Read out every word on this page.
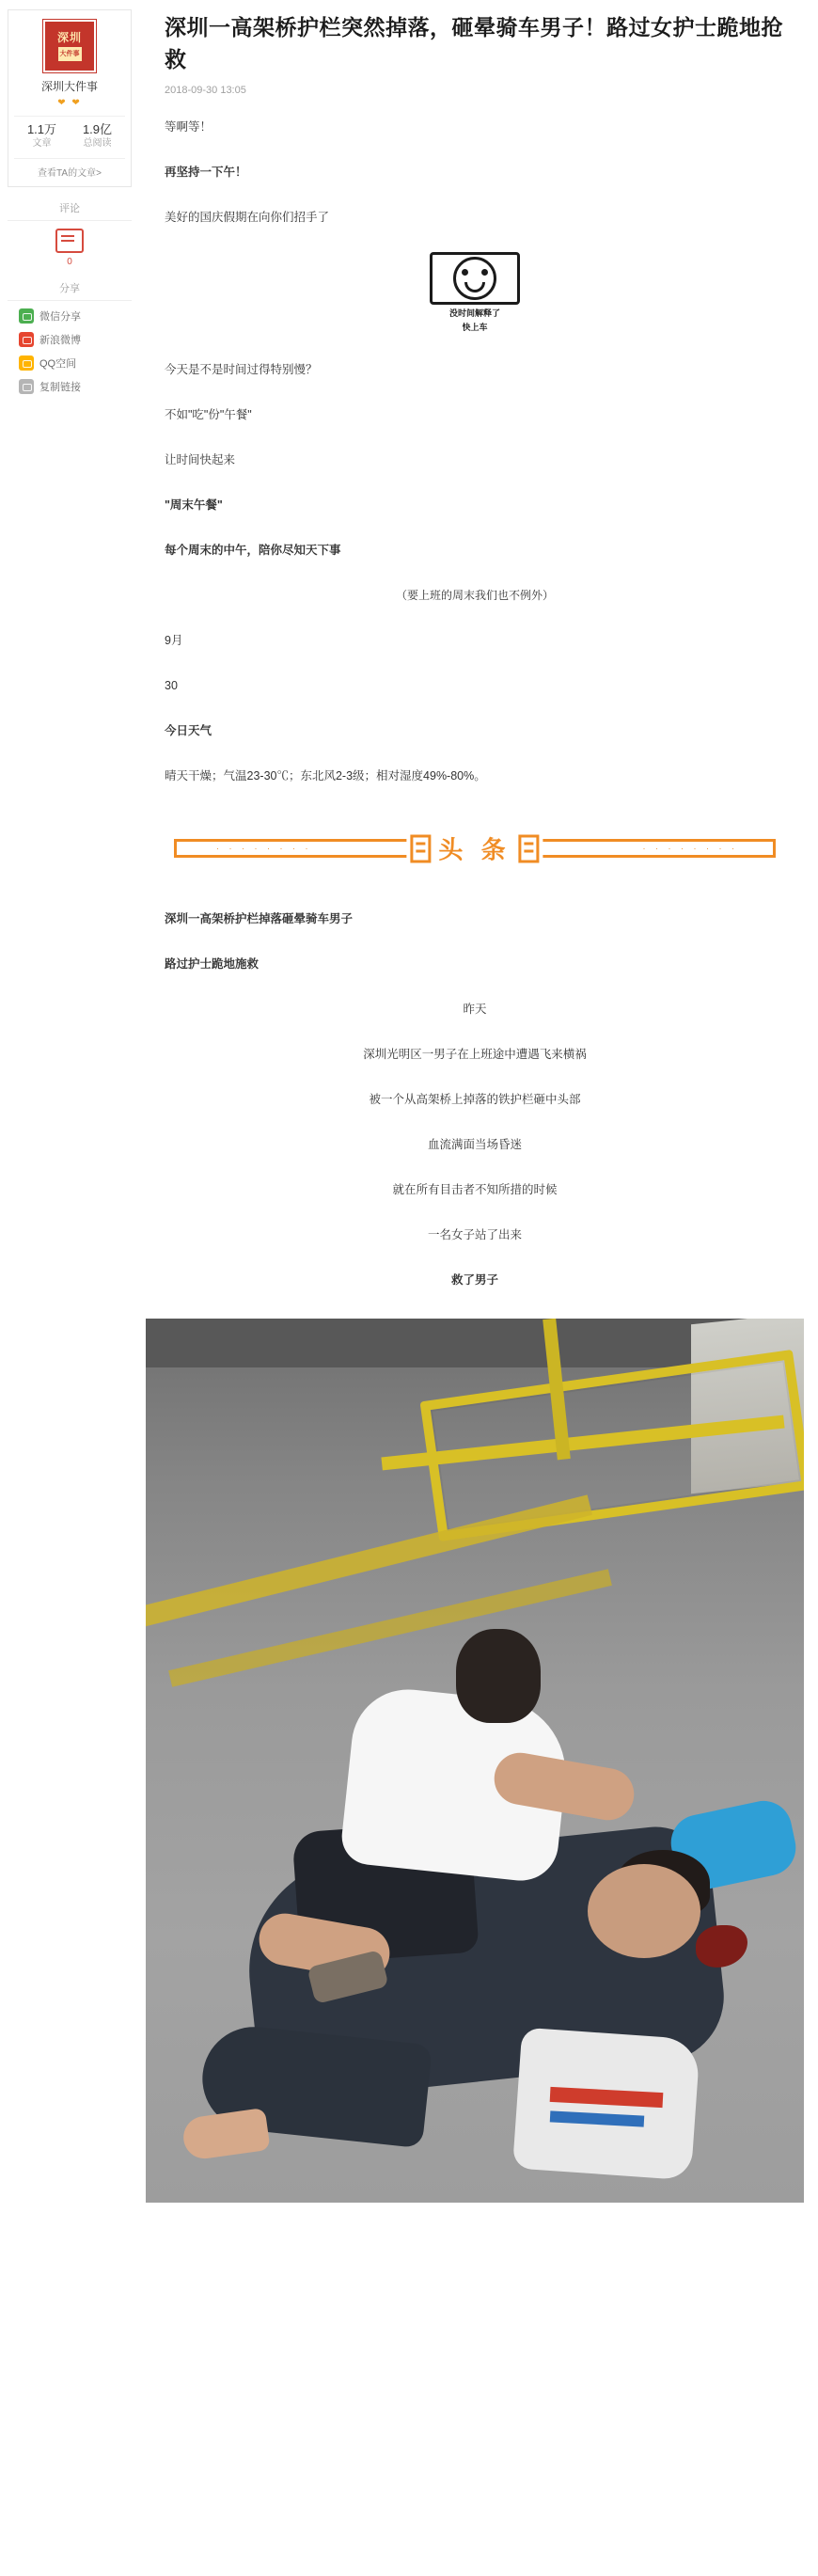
深圳
大件事
深圳大件事
❤ ❤
1.1万
文章
1.9亿
总阅读
查看TA的文章>
评论
0
分享
微信分享
新浪微博
QQ空间
复制链接
深圳一高架桥护栏突然掉落，砸晕骑车男子！路过女护士跪地抢救
2018-09-30 13:05

等啊等！

再坚持一下午！

美好的国庆假期在向你们招手了

没时间解释了
快上车

今天是不是时间过得特别慢？

不如"吃"份"午餐"

让时间快起来

"周末午餐"

每个周末的中午，陪你尽知天下事

（要上班的周末我们也不例外）

9月

30

今日天气

晴天干燥；气温23-30℃；东北风2-3级；相对湿度49%-80%。

· · · · · · · ·	· · · · · · · ·
头 条

深圳一高架桥护栏掉落砸晕骑车男子

路过护士跪地施救

昨天

深圳光明区一男子在上班途中遭遇飞来横祸

被一个从高架桥上掉落的铁护栏砸中头部

血流满面当场昏迷

就在所有目击者不知所措的时候

一名女子站了出来

救了男子
